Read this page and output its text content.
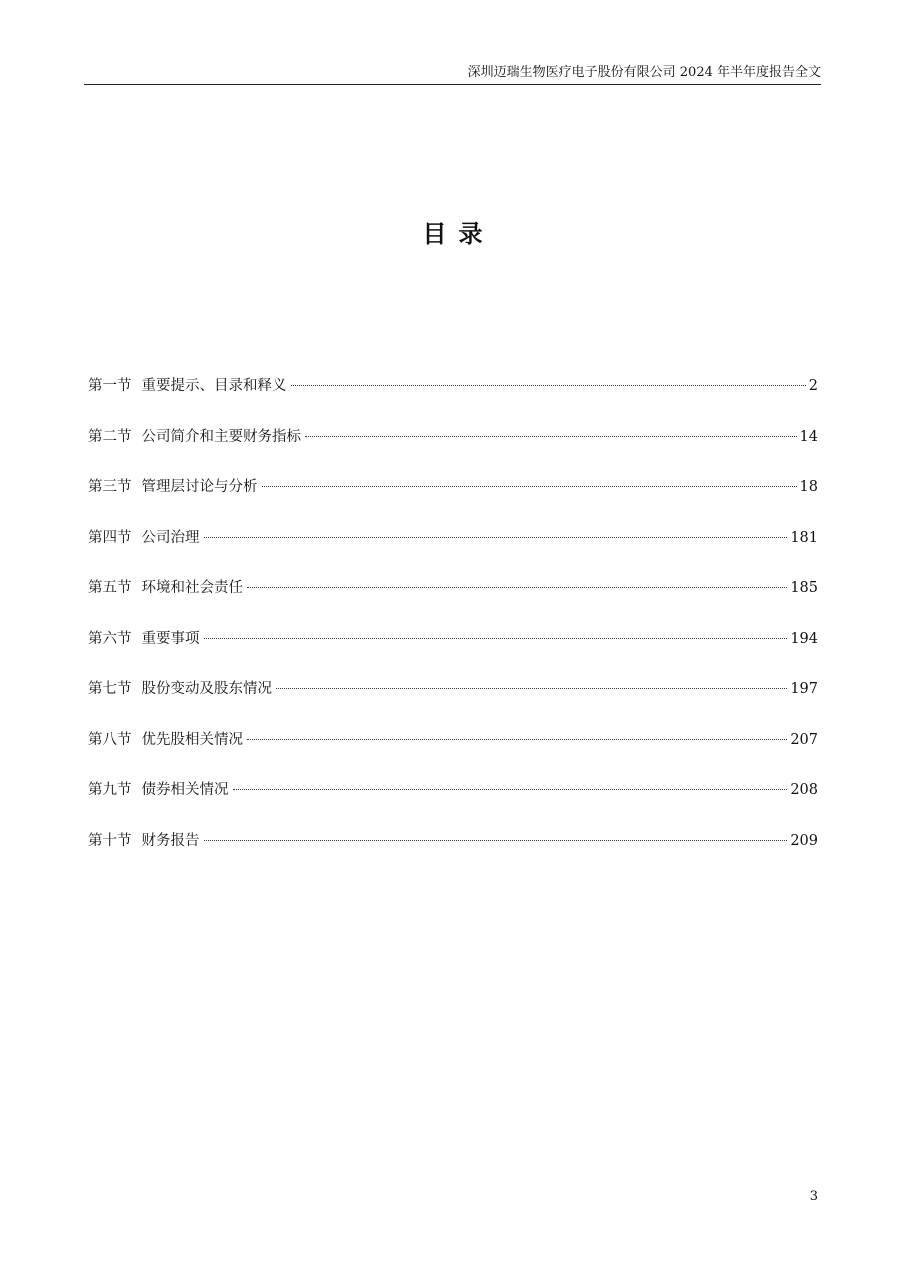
深圳迈瑞生物医疗电子股份有限公司 2024 年半年度报告全文
目录
第一节 重要提示、目录和释义	2
第二节 公司简介和主要财务指标	14
第三节 管理层讨论与分析	18
第四节 公司治理	181
第五节 环境和社会责任	185
第六节 重要事项	194
第七节 股份变动及股东情况	197
第八节 优先股相关情况	207
第九节 债券相关情况	208
第十节 财务报告	209
3
